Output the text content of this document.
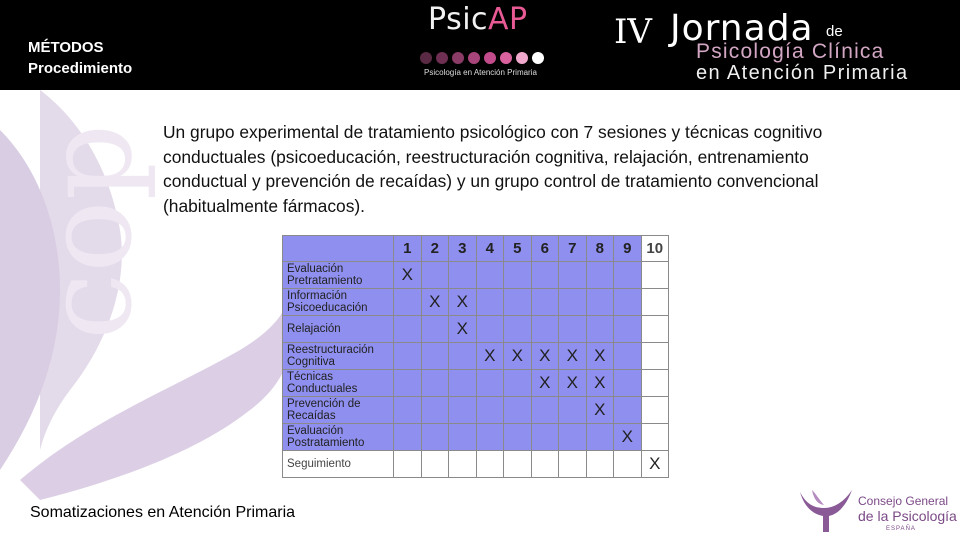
cop
MÉTODOS
Procedimiento
PsicAP
Psicología en Atención Primaria
IV Jornada de
Psicología Clínica
en Atención Primaria
Un grupo experimental de tratamiento psicológico con 7 sesiones y técnicas cognitivo conductuales (psicoeducación, reestructuración cognitiva, relajación, entrenamiento conductual y prevención de recaídas) y un grupo control de tratamiento convencional (habitualmente fármacos).
	1	2	3	4	5	6	7	8	9	10
Evaluación Pretratamiento	X									
Información Psicoeducación		X	X							
Relajación			X							
Reestructuración Cognitiva				X	X	X	X	X		
Técnicas Conductuales						X	X	X		
Prevención de Recaídas								X		
Evaluación Postratamiento									X	
Seguimiento										X
Somatizaciones en Atención Primaria
Consejo General
de la Psicología
ESPAÑA
